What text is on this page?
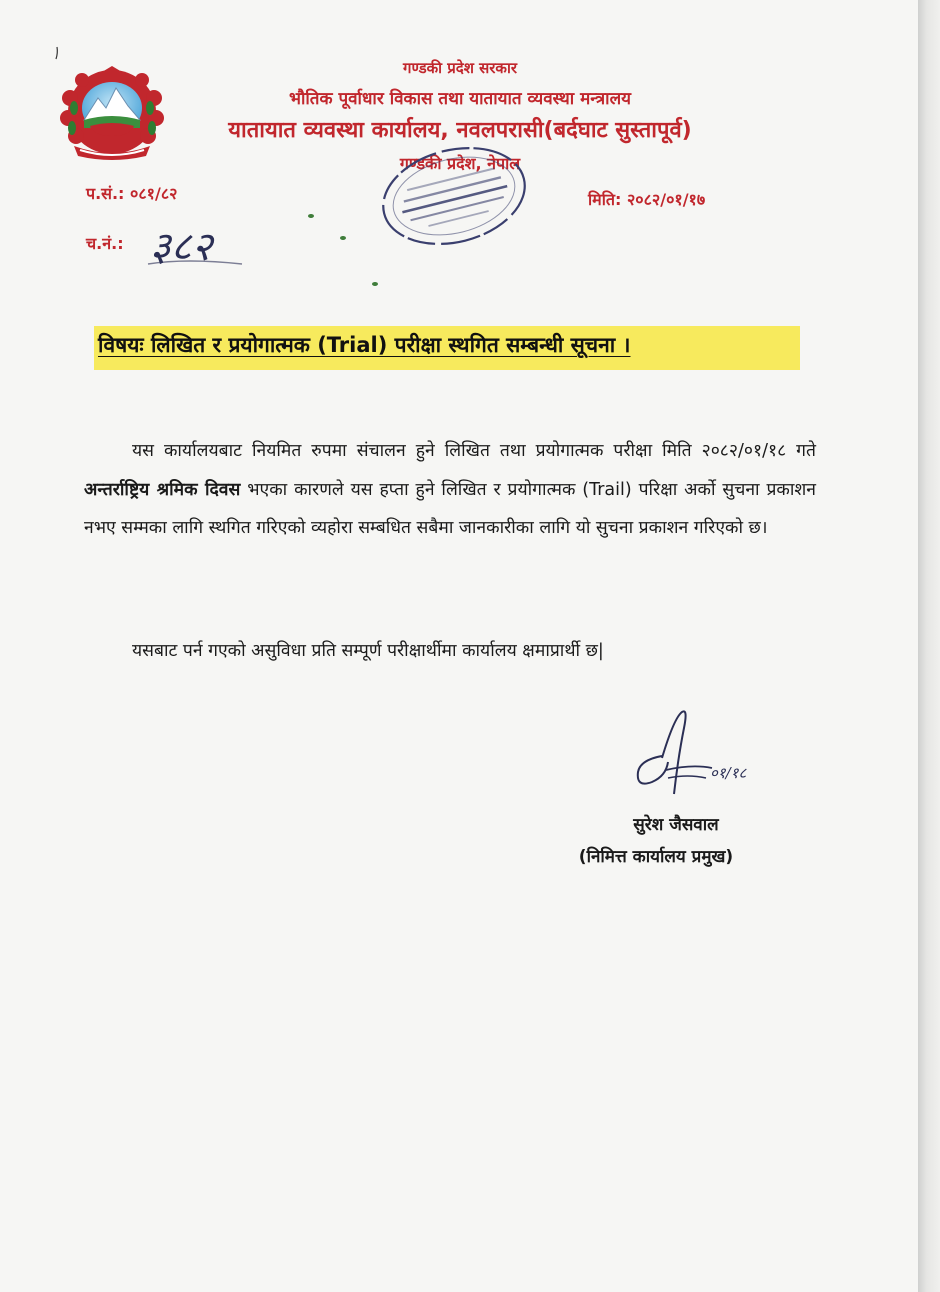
गण्डकी प्रदेश सरकार
भौतिक पूर्वाधार विकास तथा यातायात व्यवस्था मन्त्रालय
यातायात व्यवस्था कार्यालय, नवलपरासी(बर्दघाट सुस्तापूर्व)
गण्डकी प्रदेश, नेपाल
प.सं.: ०८१/८२	मिति: २०८२/०१/१७
च.नं.: ३८२
विषयः लिखित र प्रयोगात्मक (Trial) परीक्षा स्थगित सम्बन्धी सूचना ।
यस कार्यालयबाट नियमित रुपमा संचालन हुने लिखित तथा प्रयोगात्मक परीक्षा मिति २०८२/०१/१८ गते अन्तर्राष्ट्रिय श्रमिक दिवस भएका कारणले यस हप्ता हुने लिखित र प्रयोगात्मक (Trail) परिक्षा अर्को सुचना प्रकाशन नभए सम्मका लागि स्थगित गरिएको व्यहोरा सम्बधित सबैमा जानकारीका लागि यो सुचना प्रकाशन गरिएको छ।
यसबाट पर्न गएको असुविधा प्रति सम्पूर्ण परीक्षार्थीमा कार्यालय क्षमाप्रार्थी छ|
०१/१८
सुरेश जैसवाल
(निमित्त कार्यालय प्रमुख)
